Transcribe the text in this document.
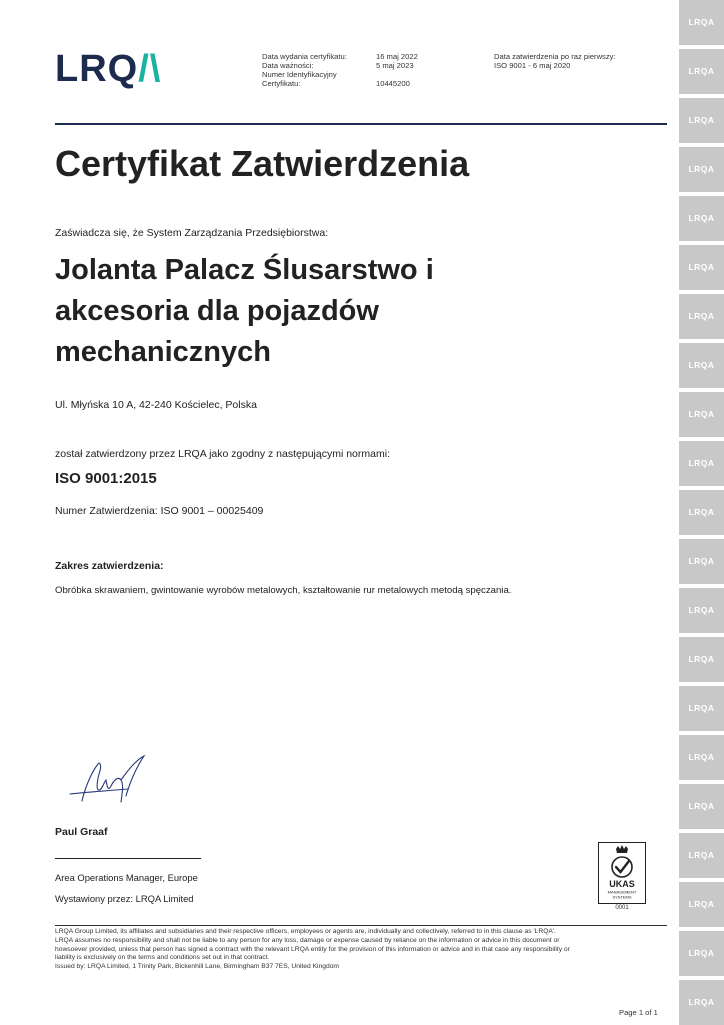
LRQ/\	Data wydania certyfikatu:
Data ważności:
Numer Identyfikacyjny
Certyfikatu:
16 maj 2022
5 maj 2023
10445200
Data zatwierdzenia po raz pierwszy:
ISO 9001 - 6 maj 2020
Certyfikat Zatwierdzenia
Zaświadcza się, że System Zarządzania Przedsiębiorstwa:
Jolanta Palacz Ślusarstwo i
akcesoria dla pojazdów
mechanicznych
Ul. Młyńska 10 A, 42-240 Kościelec, Polska
został zatwierdzony przez LRQA jako zgodny z następującymi normami:
ISO 9001:2015
Numer Zatwierdzenia: ISO 9001 – 00025409
Zakres zatwierdzenia:
Obróbka skrawaniem, gwintowanie wyrobów metalowych, kształtowanie rur metalowych metodą spęczania.
Paul Graaf
Area Operations Manager, Europe
Wystawiony przez: LRQA Limited
UKAS
MANAGEMENT
SYSTEMS
0001
LRQA Group Limited, its affiliates and subsidiaries and their respective officers, employees or agents are, individually and collectively, referred to in this clause as 'LRQA'.
LRQA assumes no responsibility and shall not be liable to any person for any loss, damage or expense caused by reliance on the information or advice in this document or
howsoever provided, unless that person has signed a contract with the relevant LRQA entity for the provision of this information or advice and in that case any responsibility or
liability is exclusively on the terms and conditions set out in that contract.
Issued by: LRQA Limited, 1 Trinity Park, Bickenhill Lane, Birmingham B37 7ES, United Kingdom
Page 1 of 1
LRQA
LRQA
LRQA
LRQA
LRQA
LRQA
LRQA
LRQA
LRQA
LRQA
LRQA
LRQA
LRQA
LRQA
LRQA
LRQA
LRQA
LRQA
LRQA
LRQA
LRQA
